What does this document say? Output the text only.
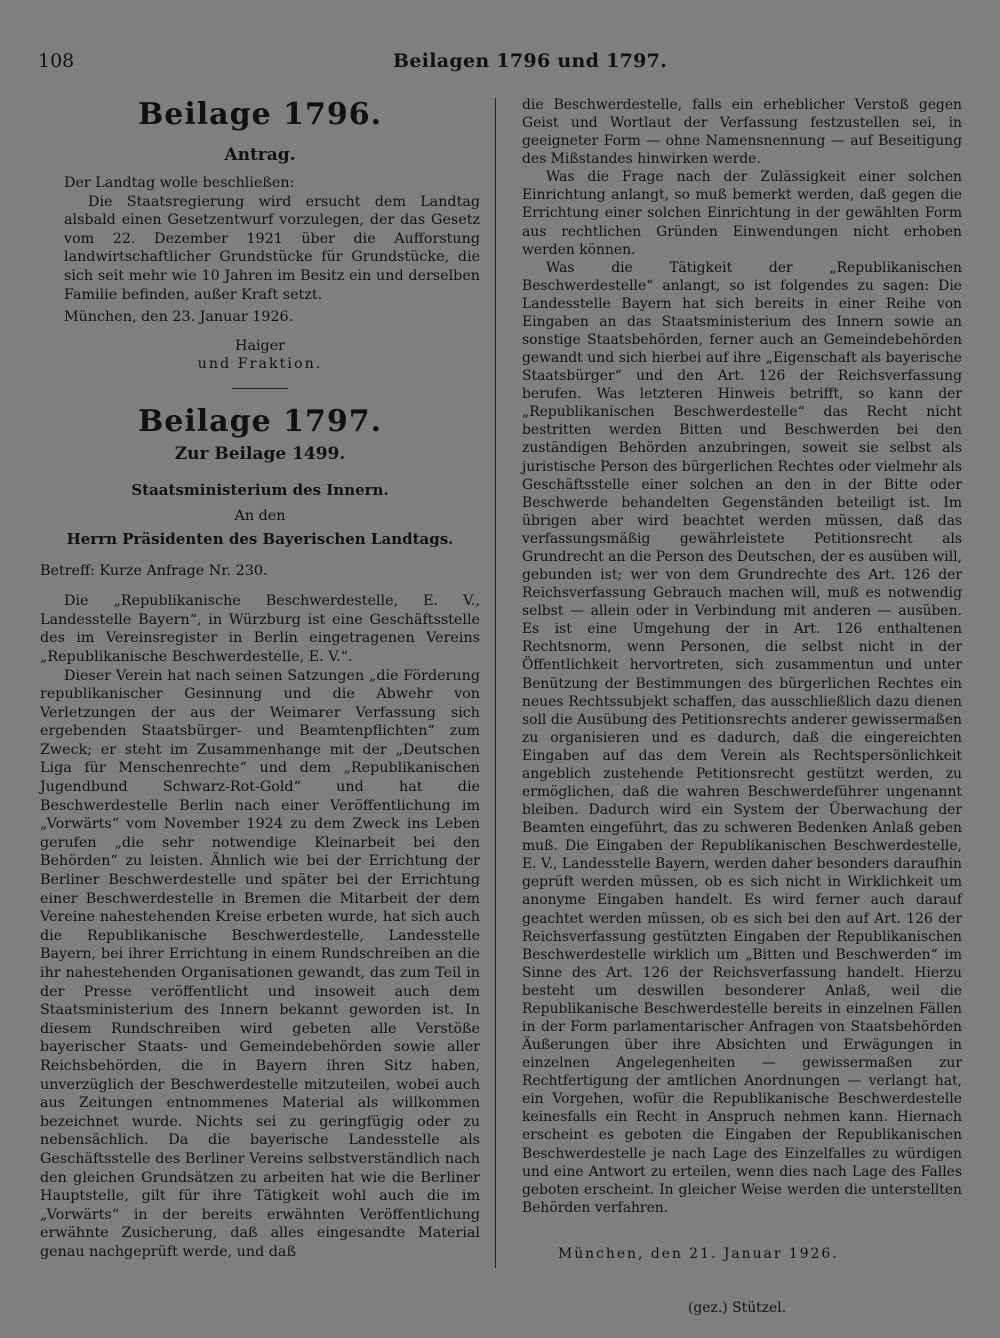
108	Beilagen 1796 und 1797.
Beilage 1796.
Antrag.

Der Landtag wolle beschließen:

Die Staatsregierung wird ersucht dem Landtag alsbald einen Gesetzentwurf vorzulegen, der das Gesetz vom 22. Dezember 1921 über die Aufforstung landwirtschaftlicher Grundstücke für Grundstücke, die sich seit mehr wie 10 Jahren im Besitz ein und derselben Familie befinden, außer Kraft setzt.

München, den 23. Januar 1926.

Haiger

und Fraktion.

Beilage 1797.
Zur Beilage 1499.
Staatsministerium des Innern.

An den

Herrn Präsidenten des Bayerischen Landtags.

Betreff: Kurze Anfrage Nr. 230.

Die „Republikanische Beschwerdestelle, E. V., Landesstelle Bayern“, in Würzburg ist eine Geschäftsstelle des im Vereinsregister in Berlin eingetragenen Vereins „Republikanische Beschwerdestelle, E. V.“.

Dieser Verein hat nach seinen Satzungen „die Förderung republikanischer Gesinnung und die Abwehr von Verletzungen der aus der Weimarer Verfassung sich ergebenden Staatsbürger- und Beamtenpflichten“ zum Zweck; er steht im Zusammenhange mit der „Deutschen Liga für Menschenrechte“ und dem „Republikanischen Jugendbund Schwarz-Rot-Gold“ und hat die Beschwerdestelle Berlin nach einer Veröffentlichung im „Vorwärts“ vom November 1924 zu dem Zweck ins Leben gerufen „die sehr notwendige Kleinarbeit bei den Behörden“ zu leisten. Ähnlich wie bei der Errichtung der Berliner Beschwerdestelle und später bei der Errichtung einer Beschwerdestelle in Bremen die Mitarbeit der dem Vereine nahestehenden Kreise erbeten wurde, hat sich auch die Republikanische Beschwerdestelle, Landesstelle Bayern, bei ihrer Errichtung in einem Rundschreiben an die ihr nahestehenden Organisationen gewandt, das zum Teil in der Presse veröffentlicht und insoweit auch dem Staatsministerium des Innern bekannt geworden ist. In diesem Rundschreiben wird gebeten alle Verstöße bayerischer Staats- und Gemeindebehörden sowie aller Reichsbehörden, die in Bayern ihren Sitz haben, unverzüglich der Beschwerdestelle mitzuteilen, wobei auch aus Zeitungen entnommenes Material als willkommen bezeichnet wurde. Nichts sei zu geringfügig oder zu nebensächlich. Da die bayerische Landesstelle als Geschäftsstelle des Berliner Vereins selbstverständlich nach den gleichen Grundsätzen zu arbeiten hat wie die Berliner Hauptstelle, gilt für ihre Tätigkeit wohl auch die im „Vorwärts“ in der bereits erwähnten Veröffentlichung erwähnte Zusicherung, daß alles eingesandte Material genau nachgeprüft werde, und daß

die Beschwerdestelle, falls ein erheblicher Verstoß gegen Geist und Wortlaut der Verfassung festzustellen sei, in geeigneter Form — ohne Namensnennung — auf Beseitigung des Mißstandes hinwirken werde.

Was die Frage nach der Zulässigkeit einer solchen Einrichtung anlangt, so muß bemerkt werden, daß gegen die Errichtung einer solchen Einrichtung in der gewählten Form aus rechtlichen Gründen Einwendungen nicht erhoben werden können.

Was die Tätigkeit der „Republikanischen Beschwerdestelle“ anlangt, so ist folgendes zu sagen: Die Landesstelle Bayern hat sich bereits in einer Reihe von Eingaben an das Staatsministerium des Innern sowie an sonstige Staatsbehörden, ferner auch an Gemeindebehörden gewandt und sich hierbei auf ihre „Eigenschaft als bayerische Staatsbürger“ und den Art. 126 der Reichsverfassung berufen. Was letzteren Hinweis betrifft, so kann der „Republikanischen Beschwerdestelle“ das Recht nicht bestritten werden Bitten und Beschwerden bei den zuständigen Behörden anzubringen, soweit sie selbst als juristische Person des bürgerlichen Rechtes oder vielmehr als Geschäftsstelle einer solchen an den in der Bitte oder Beschwerde behandelten Gegenständen beteiligt ist. Im übrigen aber wird beachtet werden müssen, daß das verfassungsmäßig gewährleistete Petitionsrecht als Grundrecht an die Person des Deutschen, der es ausüben will, gebunden ist; wer von dem Grundrechte des Art. 126 der Reichsverfassung Gebrauch machen will, muß es notwendig selbst — allein oder in Verbindung mit anderen — ausüben. Es ist eine Umgehung der in Art. 126 enthaltenen Rechtsnorm, wenn Personen, die selbst nicht in der Öffentlichkeit hervortreten, sich zusammentun und unter Benützung der Bestimmungen des bürgerlichen Rechtes ein neues Rechtssubjekt schaffen, das ausschließlich dazu dienen soll die Ausübung des Petitionsrechts anderer gewissermaßen zu organisieren und es dadurch, daß die eingereichten Eingaben auf das dem Verein als Rechtspersönlichkeit angeblich zustehende Petitionsrecht gestützt werden, zu ermöglichen, daß die wahren Beschwerdeführer ungenannt bleiben. Dadurch wird ein System der Überwachung der Beamten eingeführt, das zu schweren Bedenken Anlaß geben muß. Die Eingaben der Republikanischen Beschwerdestelle, E. V., Landesstelle Bayern, werden daher besonders daraufhin geprüft werden müssen, ob es sich nicht in Wirklichkeit um anonyme Eingaben handelt. Es wird ferner auch darauf geachtet werden müssen, ob es sich bei den auf Art. 126 der Reichsverfassung gestützten Eingaben der Republikanischen Beschwerdestelle wirklich um „Bitten und Beschwerden“ im Sinne des Art. 126 der Reichsverfassung handelt. Hierzu besteht um deswillen besonderer Anlaß, weil die Republikanische Beschwerdestelle bereits in einzelnen Fällen in der Form parlamentarischer Anfragen von Staatsbehörden Äußerungen über ihre Absichten und Erwägungen in einzelnen Angelegenheiten — gewissermaßen zur Rechtfertigung der amtlichen Anordnungen — verlangt hat, ein Vorgehen, wofür die Republikanische Beschwerdestelle keinesfalls ein Recht in Anspruch nehmen kann. Hiernach erscheint es geboten die Eingaben der Republikanischen Beschwerdestelle je nach Lage des Einzelfalles zu würdigen und eine Antwort zu erteilen, wenn dies nach Lage des Falles geboten erscheint. In gleicher Weise werden die unterstellten Behörden verfahren.

München, den 21. Januar 1926.

(gez.) Stützel.
